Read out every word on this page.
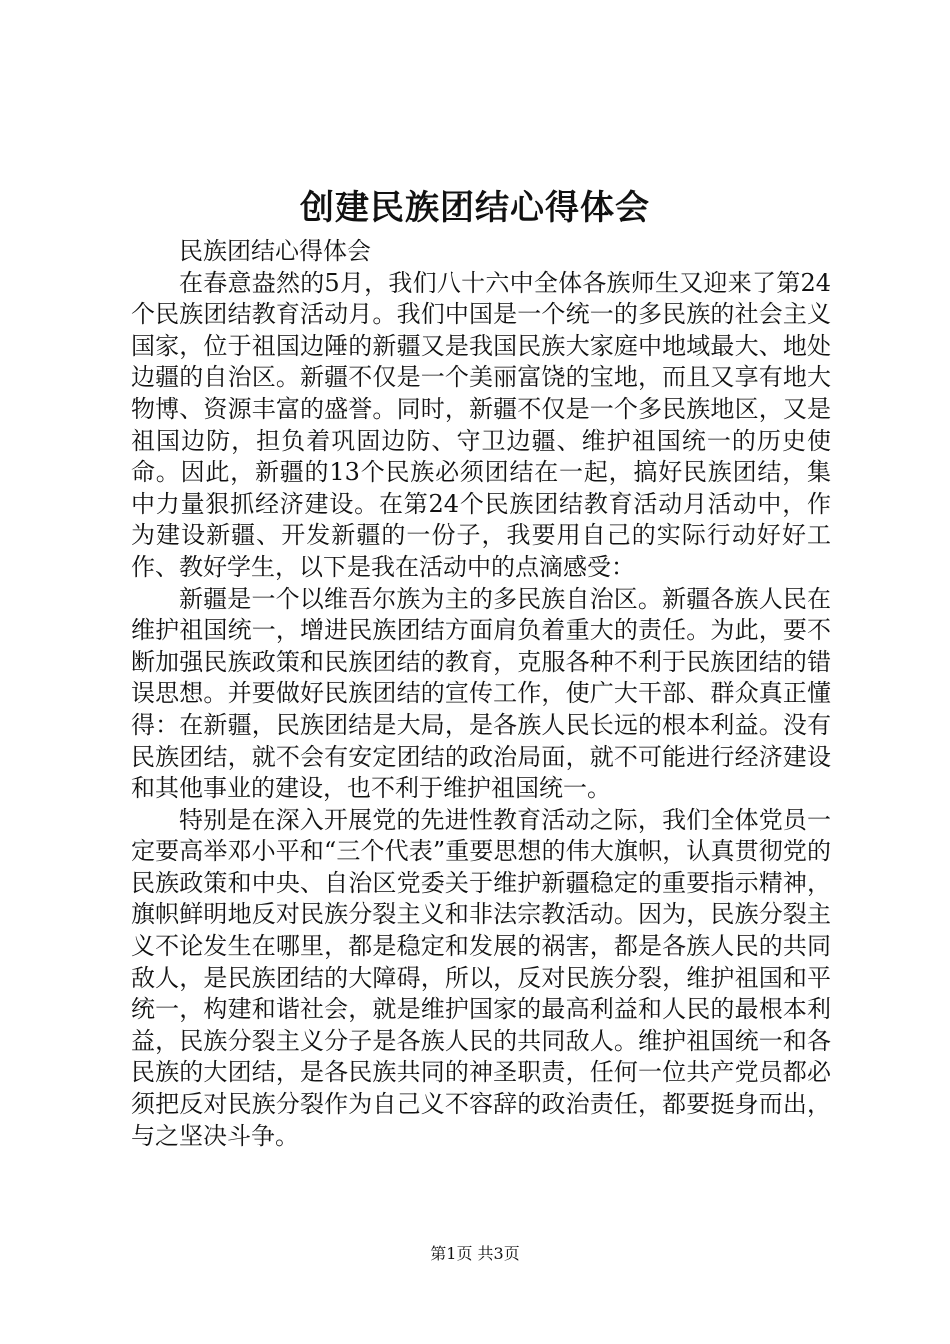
创建民族团结心得体会

民族团结心得体会

在春意盎然的5月，我们八十六中全体各族师生又迎来了第24个民族团结教育活动月。我们中国是一个统一的多民族的社会主义国家，位于祖国边陲的新疆又是我国民族大家庭中地域最大、地处边疆的自治区。新疆不仅是一个美丽富饶的宝地，而且又享有地大物博、资源丰富的盛誉。同时，新疆不仅是一个多民族地区，又是祖国边防，担负着巩固边防、守卫边疆、维护祖国统一的历史使命。因此，新疆的13个民族必须团结在一起，搞好民族团结，集中力量狠抓经济建设。在第24个民族团结教育活动月活动中，作为建设新疆、开发新疆的一份子，我要用自己的实际行动好好工作、教好学生，以下是我在活动中的点滴感受：

新疆是一个以维吾尔族为主的多民族自治区。新疆各族人民在维护祖国统一，增进民族团结方面肩负着重大的责任。为此，要不断加强民族政策和民族团结的教育，克服各种不利于民族团结的错误思想。并要做好民族团结的宣传工作，使广大干部、群众真正懂得：在新疆，民族团结是大局，是各族人民长远的根本利益。没有民族团结，就不会有安定团结的政治局面，就不可能进行经济建设和其他事业的建设，也不利于维护祖国统一。

特别是在深入开展党的先进性教育活动之际，我们全体党员一定要高举邓小平和“三个代表”重要思想的伟大旗帜，认真贯彻党的民族政策和中央、自治区党委关于维护新疆稳定的重要指示精神，旗帜鲜明地反对民族分裂主义和非法宗教活动。因为，民族分裂主义不论发生在哪里，都是稳定和发展的祸害，都是各族人民的共同敌人，是民族团结的大障碍，所以，反对民族分裂，维护祖国和平统一，构建和谐社会，就是维护国家的最高利益和人民的最根本利益，民族分裂主义分子是各族人民的共同敌人。维护祖国统一和各民族的大团结，是各民族共同的神圣职责，任何一位共产党员都必须把反对民族分裂作为自己义不容辞的政治责任，都要挺身而出，与之坚决斗争。

第1页 共3页
